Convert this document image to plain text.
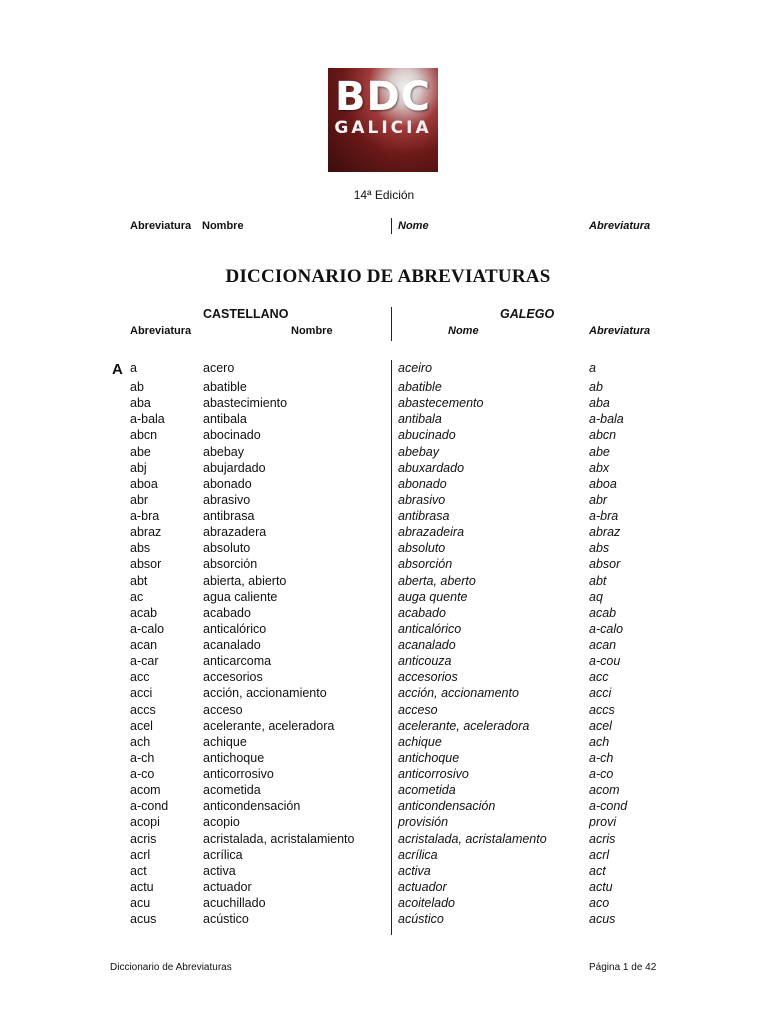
BDC
GALICIA
14ª Edición
Abreviatura Nombre	Nome	Abreviatura
DICCIONARIO DE ABREVIATURAS
CASTELLANO	GALEGO
Abreviatura	Nombre	Nome	Abreviatura
A a	acero	aceiro	a
ab	abatible	abatible	ab
aba	abastecimiento	abastecemento	aba
a-bala	antibala	antibala	a-bala
abcn	abocinado	abucinado	abcn
abe	abebay	abebay	abe
abj	abujardado	abuxardado	abx
aboa	abonado	abonado	aboa
abr	abrasivo	abrasivo	abr
a-bra	antibrasa	antibrasa	a-bra
abraz	abrazadera	abrazadeira	abraz
abs	absoluto	absoluto	abs
absor	absorción	absorción	absor
abt	abierta, abierto	aberta, aberto	abt
ac	agua caliente	auga quente	aq
acab	acabado	acabado	acab
a-calo	anticalórico	anticalórico	a-calo
acan	acanalado	acanalado	acan
a-car	anticarcoma	anticouza	a-cou
acc	accesorios	accesorios	acc
acci	acción, accionamiento	acción, accionamento	acci
accs	acceso	acceso	accs
acel	acelerante, aceleradora	acelerante, aceleradora	acel
ach	achique	achique	ach
a-ch	antichoque	antichoque	a-ch
a-co	anticorrosivo	anticorrosivo	a-co
acom	acometida	acometida	acom
a-cond	anticondensación	anticondensación	a-cond
acopi	acopio	provisión	provi
acris	acristalada, acristalamiento	acristalada, acristalamento	acris
acrl	acrílica	acrílica	acrl
act	activa	activa	act
actu	actuador	actuador	actu
acu	acuchillado	acoitelado	aco
acus	acústico	acústico	acus
Diccionario de Abreviaturas	Página 1 de 42
